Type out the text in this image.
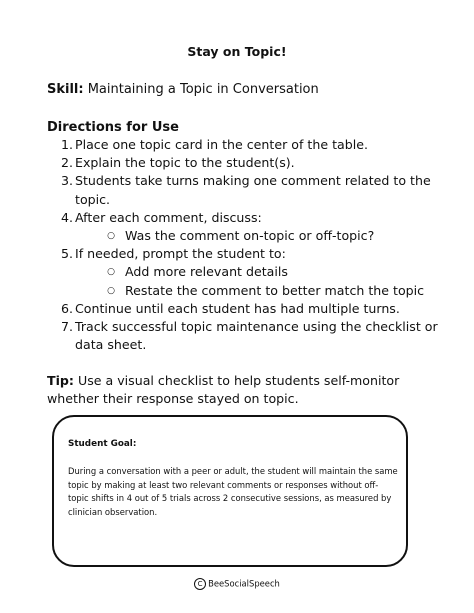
Stay on Topic!
Skill: Maintaining a Topic in Conversation
Directions for Use
1. Place one topic card in the center of the table.
2. Explain the topic to the student(s).
3. Students take turns making one comment related to the topic.
4. After each comment, discuss:
○ Was the comment on-topic or off-topic?
5. If needed, prompt the student to:
○ Add more relevant details
○ Restate the comment to better match the topic
6. Continue until each student has had multiple turns.
7. Track successful topic maintenance using the checklist or data sheet.
Tip: Use a visual checklist to help students self-monitor whether their response stayed on topic.
Student Goal:
During a conversation with a peer or adult, the student will maintain the same topic by making at least two relevant comments or responses without off-topic shifts in 4 out of 5 trials across 2 consecutive sessions, as measured by clinician observation.
C BeeSocialSpeech
